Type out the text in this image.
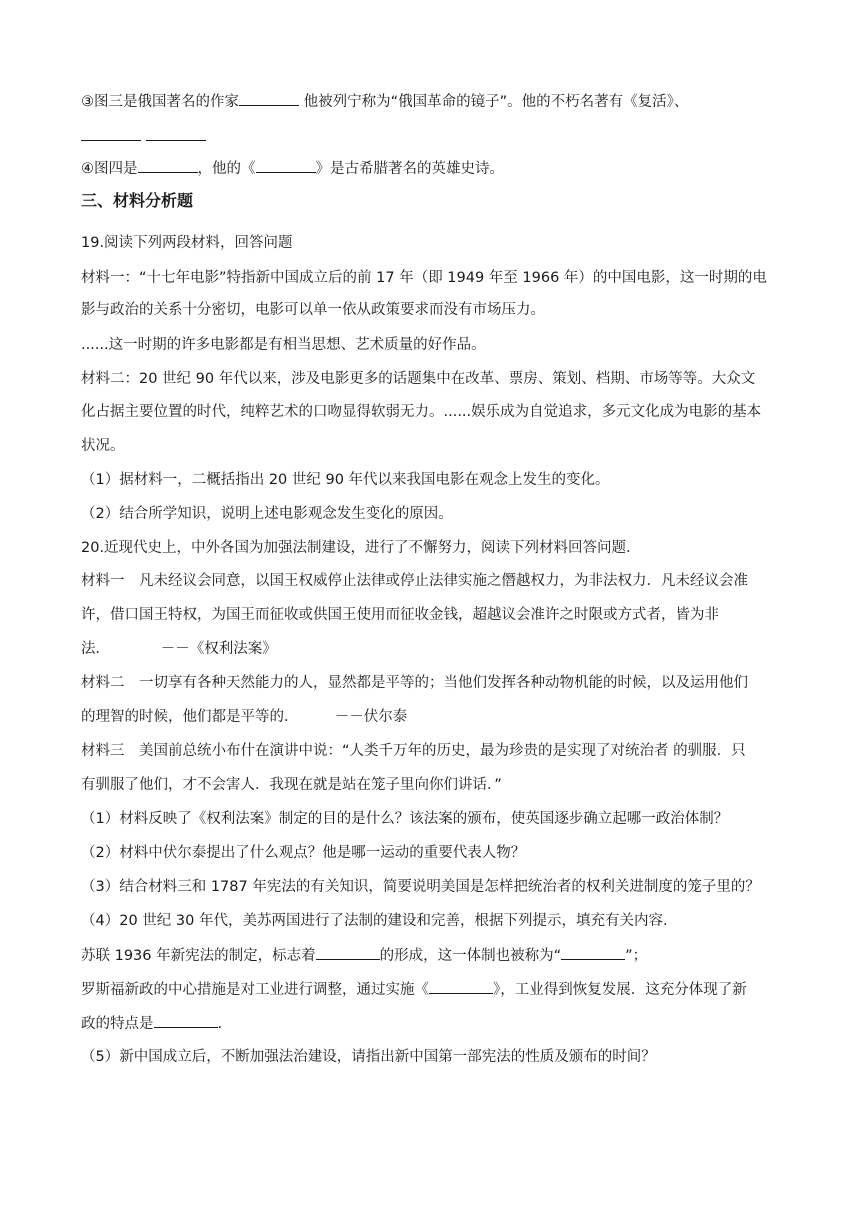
③图三是俄国著名的作家	他被列宁称为“俄国革命的镜子”。他的不朽名著有《复活》、

④图四是	，他的《	》是古希腊著名的英雄史诗。
三、材料分析题
19.阅读下列两段材料，回答问题
材料一：“十七年电影”特指新中国成立后的前 17 年（即 1949 年至 1966 年）的中国电影，这一时期的电
影与政治的关系十分密切，电影可以单一依从政策要求而没有市场压力。
......这一时期的许多电影都是有相当思想、艺术质量的好作品。
材料二：20 世纪 90 年代以来，涉及电影更多的话题集中在改革、票房、策划、档期、市场等等。大众文
化占据主要位置的时代，纯粹艺术的口吻显得软弱无力。......娱乐成为自觉追求，多元文化成为电影的基本
状况。
（1）据材料一，二概括指出 20 世纪 90 年代以来我国电影在观念上发生的变化。
（2）结合所学知识，说明上述电影观念发生变化的原因。
20.近现代史上，中外各国为加强法制建设，进行了不懈努力，阅读下列材料回答问题.
材料一　凡未经议会同意，以国王权威停止法律或停止法律实施之僭越权力，为非法权力．凡未经议会准
许，借口国王特权，为国王而征收或供国王使用而征收金钱，超越议会准许之时限或方式者，皆为非
法．　　　　－－《权利法案》
材料二　一切享有各种天然能力的人，显然都是平等的；当他们发挥各种动物机能的时候，以及运用他们
的理智的时候，他们都是平等的．　　　－－伏尔泰
材料三　美国前总统小布什在演讲中说：“人类千万年的历史，最为珍贵的是实现了对统治者 的驯服．只
有驯服了他们，才不会害人．我现在就是站在笼子里向你们讲话．”
（1）材料反映了《权利法案》制定的目的是什么？该法案的颁布，使英国逐步确立起哪一政治体制？
（2）材料中伏尔泰提出了什么观点？他是哪一运动的重要代表人物？
（3）结合材料三和 1787 年宪法的有关知识，简要说明美国是怎样把统治者的权利关进制度的笼子里的？
（4）20 世纪 30 年代，美苏两国进行了法制的建设和完善，根据下列提示，填充有关内容.
苏联 1936 年新宪法的制定，标志着	的形成，这一体制也被称为“	”；
罗斯福新政的中心措施是对工业进行调整，通过实施《	》，工业得到恢复发展．这充分体现了新
政的特点是	.
（5）新中国成立后，不断加强法治建设，请指出新中国第一部宪法的性质及颁布的时间？
